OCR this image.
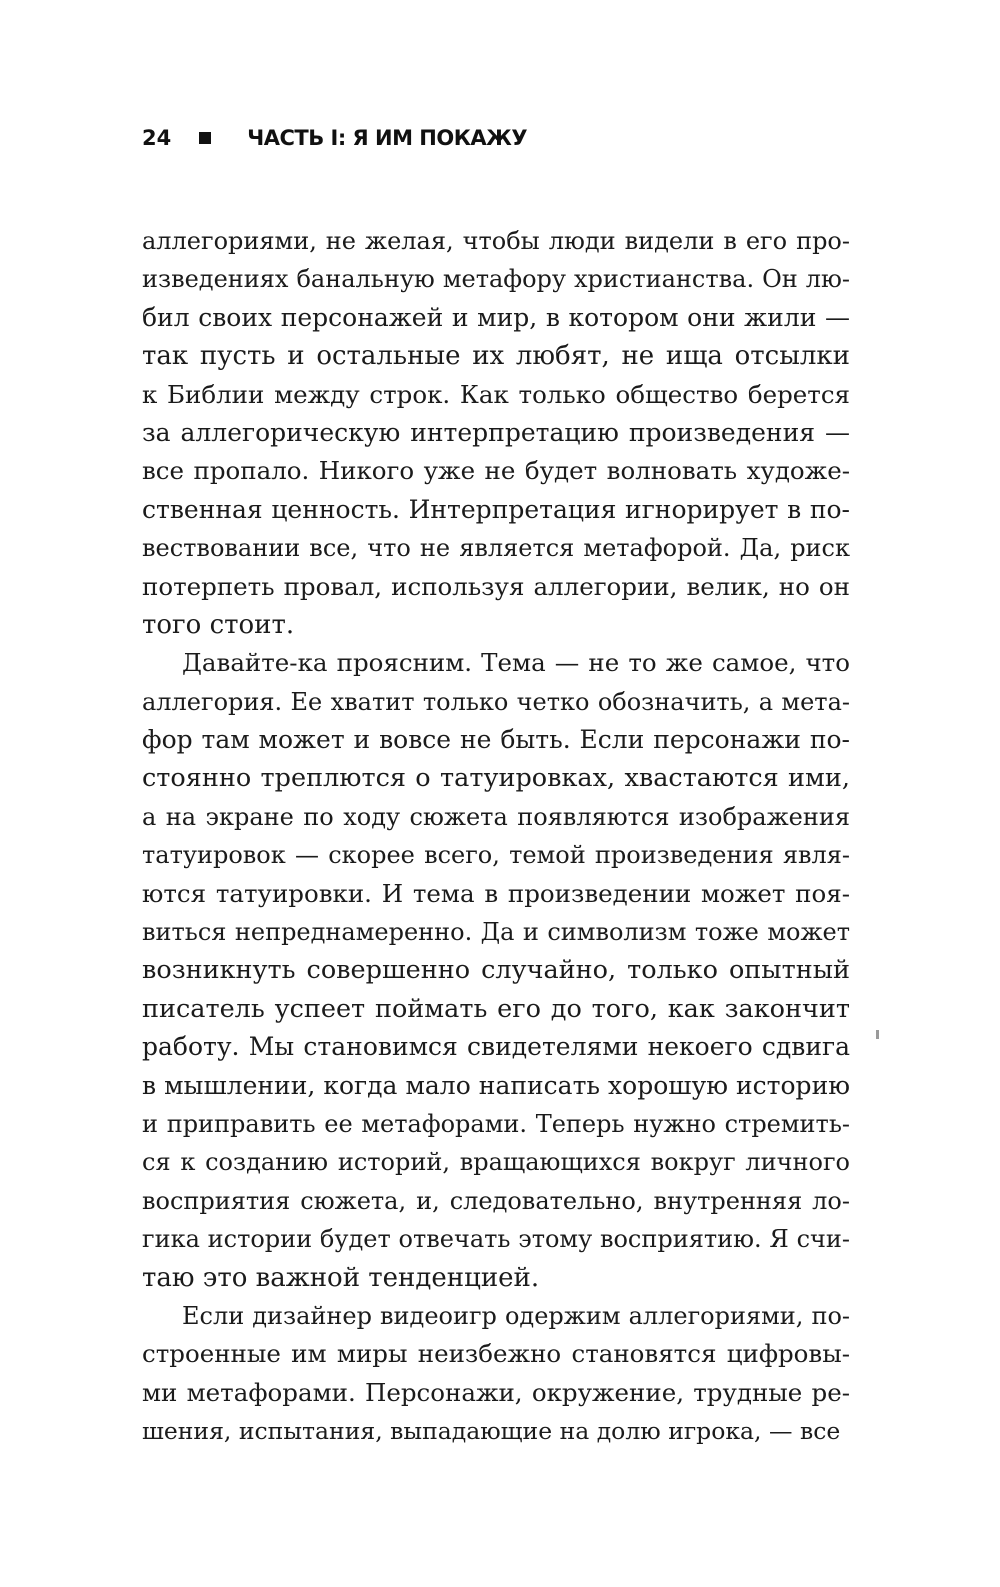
24	ЧАСТЬ I: Я ИМ ПОКАЖУ
аллегориями, не желая, чтобы люди видели в его про-
изведениях банальную метафору христианства. Он лю-
бил своих персонажей и мир, в котором они жили —
так пусть и остальные их любят, не ища отсылки
к Библии между строк. Как только общество берется
за аллегорическую интерпретацию произведения —
все пропало. Никого уже не будет волновать художе-
ственная ценность. Интерпретация игнорирует в по-
вествовании все, что не является метафорой. Да, риск
потерпеть провал, используя аллегории, велик, но он
того стоит.
Давайте-ка проясним. Тема — не то же самое, что
аллегория. Ее хватит только четко обозначить, а мета-
фор там может и вовсе не быть. Если персонажи по-
стоянно треплются о татуировках, хвастаются ими,
а на экране по ходу сюжета появляются изображения
татуировок — скорее всего, темой произведения явля-
ются татуировки. И тема в произведении может поя-
виться непреднамеренно. Да и символизм тоже может
возникнуть совершенно случайно, только опытный
писатель успеет поймать его до того, как закончит
работу. Мы становимся свидетелями некоего сдвига
в мышлении, когда мало написать хорошую историю
и приправить ее метафорами. Теперь нужно стремить-
ся к созданию историй, вращающихся вокруг личного
восприятия сюжета, и, следовательно, внутренняя ло-
гика истории будет отвечать этому восприятию. Я счи-
таю это важной тенденцией.
Если дизайнер видеоигр одержим аллегориями, по-
строенные им миры неизбежно становятся цифровы-
ми метафорами. Персонажи, окружение, трудные ре-
шения, испытания, выпадающие на долю игрока, — все
